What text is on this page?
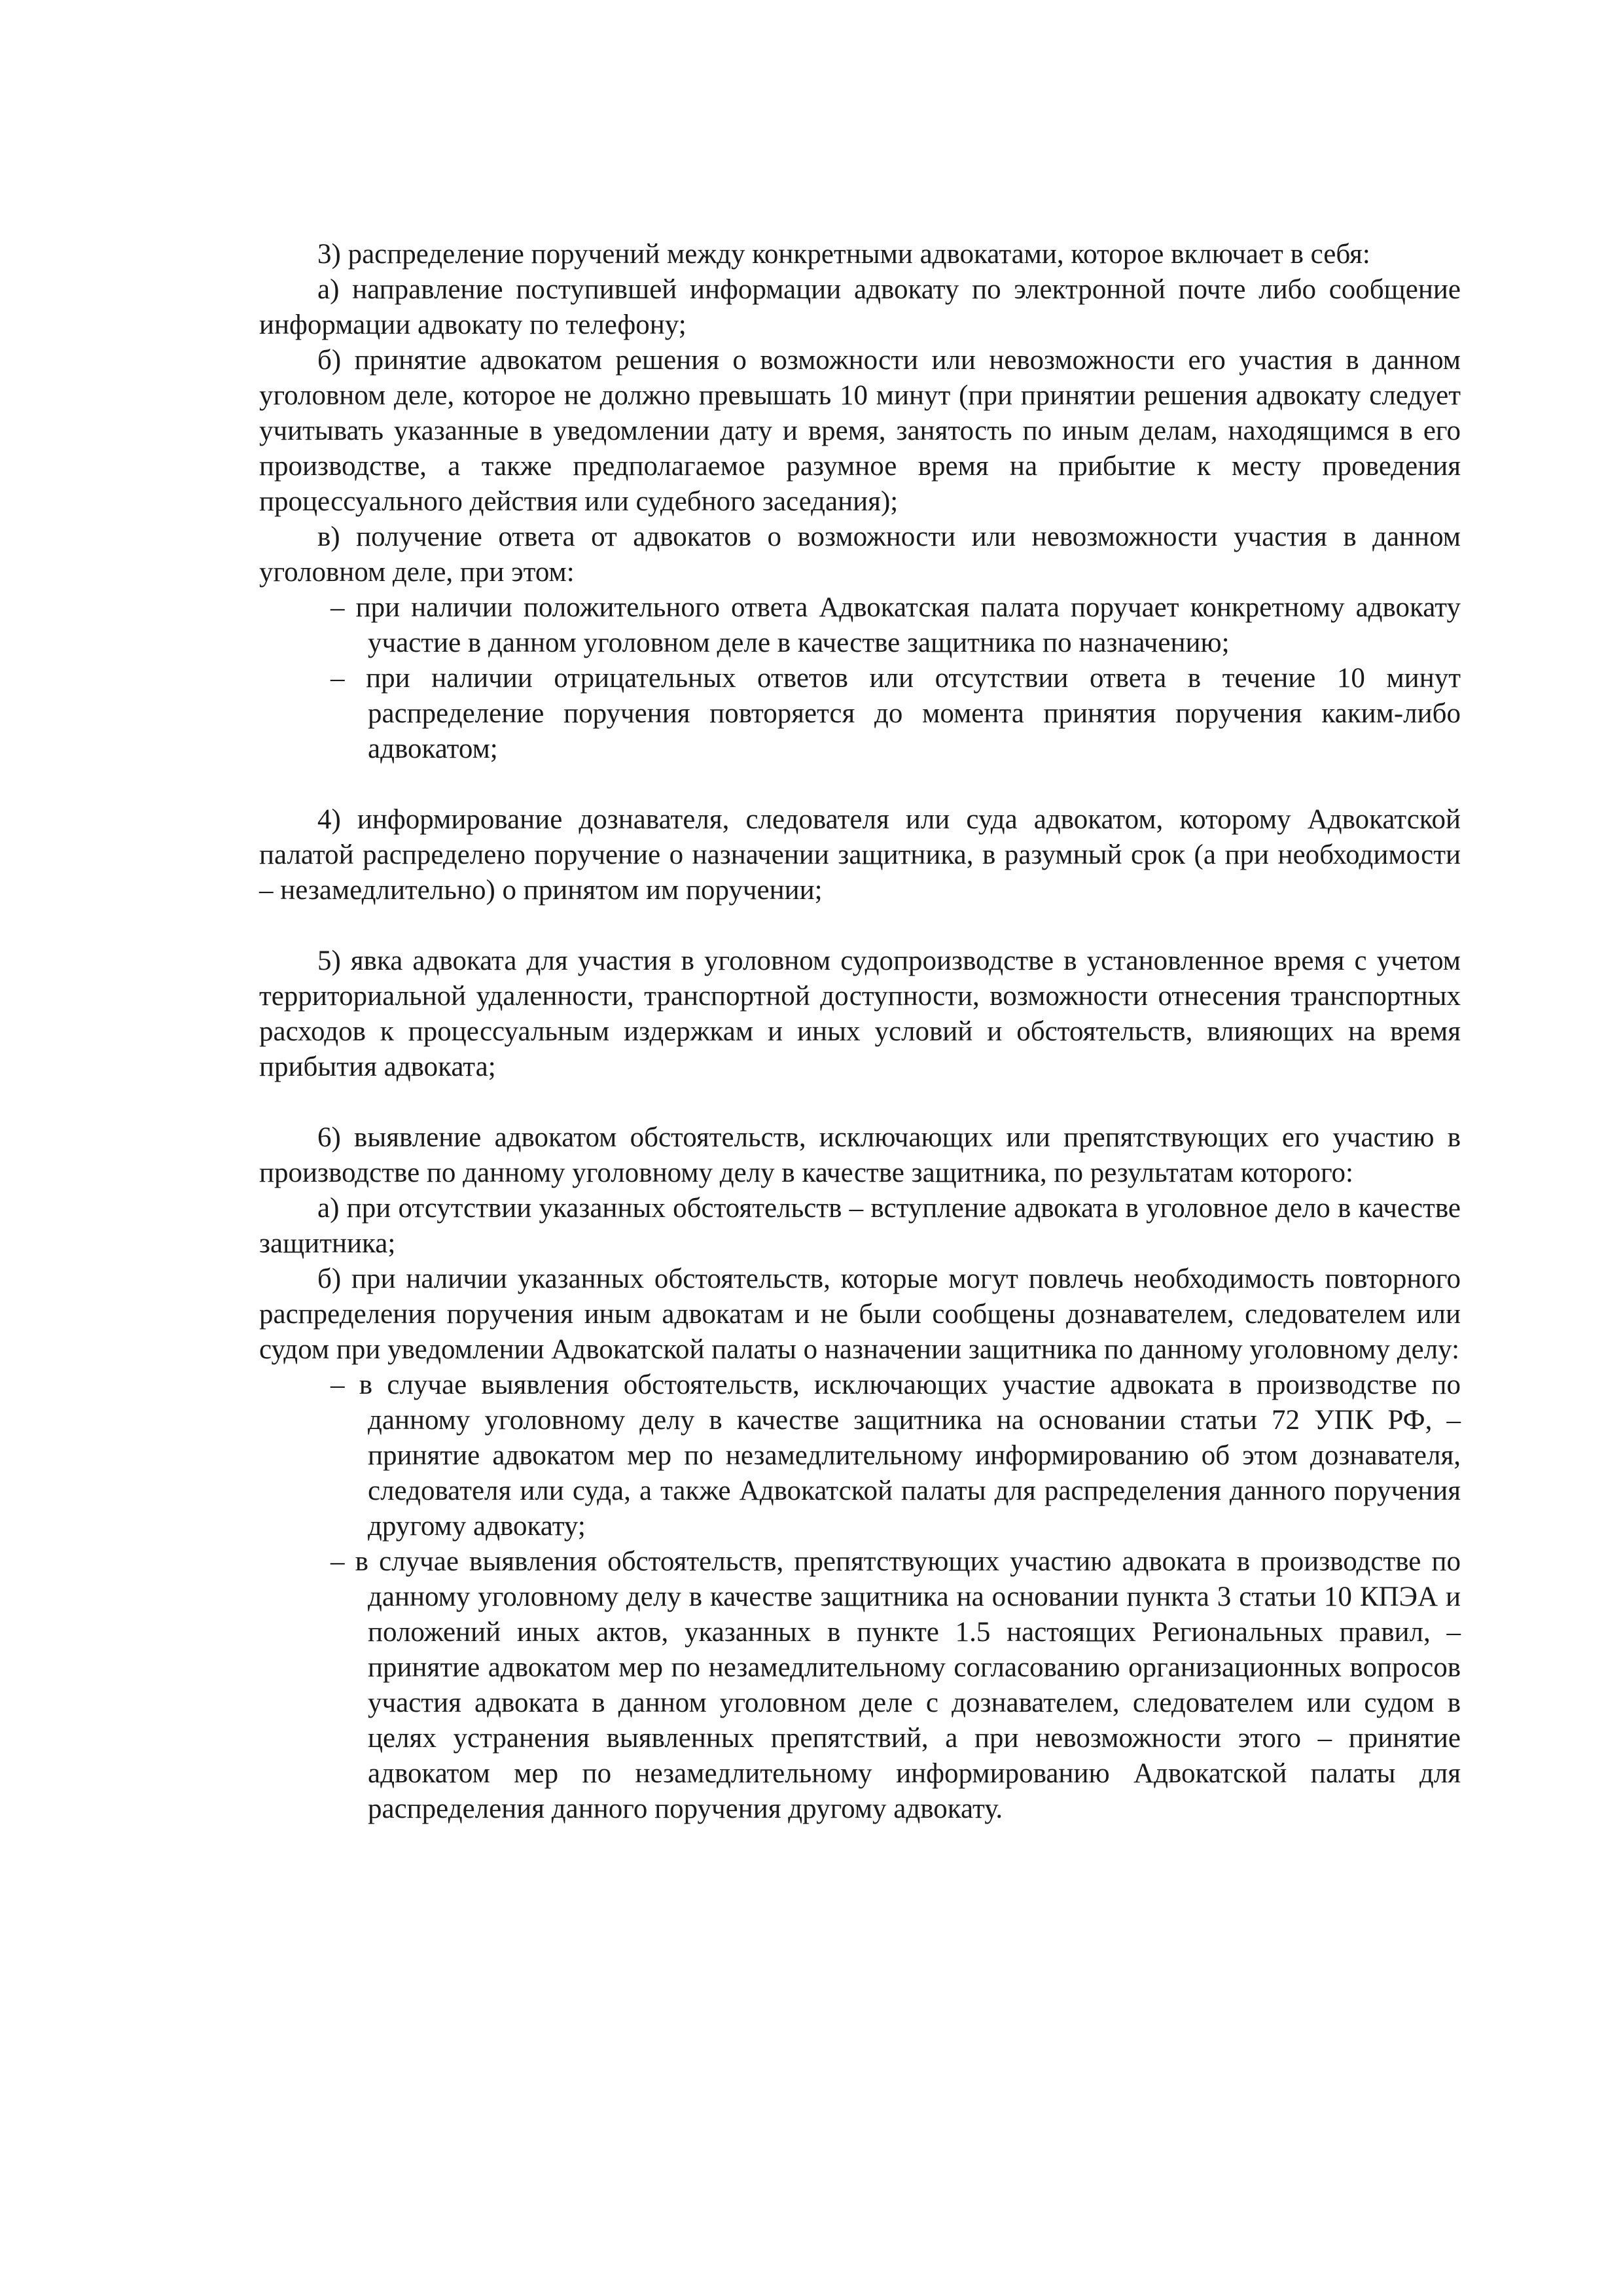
3) распределение поручений между конкретными адвокатами, которое включает в себя:

а) направление поступившей информации адвокату по электронной почте либо сообщение информации адвокату по телефону;

б) принятие адвокатом решения о возможности или невозможности его участия в данном уголовном деле, которое не должно превышать 10 минут (при принятии решения адвокату следует учитывать указанные в уведомлении дату и время, занятость по иным делам, находящимся в его производстве, а также предполагаемое разумное время на прибытие к месту проведения процессуального действия или судебного заседания);

в) получение ответа от адвокатов о возможности или невозможности участия в данном уголовном деле, при этом:

– при наличии положительного ответа Адвокатская палата поручает конкретному адвокату участие в данном уголовном деле в качестве защитника по назначению;

– при наличии отрицательных ответов или отсутствии ответа в течение 10 минут распределение поручения повторяется до момента принятия поручения каким-либо адвокатом;

4) информирование дознавателя, следователя или суда адвокатом, которому Адвокатской палатой распределено поручение о назначении защитника, в разумный срок (а при необходимости – незамедлительно) о принятом им поручении;

5) явка адвоката для участия в уголовном судопроизводстве в установленное время с учетом территориальной удаленности, транспортной доступности, возможности отнесения транспортных расходов к процессуальным издержкам и иных условий и обстоятельств, влияющих на время прибытия адвоката;

6) выявление адвокатом обстоятельств, исключающих или препятствующих его участию в производстве по данному уголовному делу в качестве защитника, по результатам которого:

а) при отсутствии указанных обстоятельств – вступление адвоката в уголовное дело в качестве защитника;

б) при наличии указанных обстоятельств, которые могут повлечь необходимость повторного распределения поручения иным адвокатам и не были сообщены дознавателем, следователем или судом при уведомлении Адвокатской палаты о назначении защитника по данному уголовному делу:

– в случае выявления обстоятельств, исключающих участие адвоката в производстве по данному уголовному делу в качестве защитника на основании статьи 72 УПК РФ, – принятие адвокатом мер по незамедлительному информированию об этом дознавателя, следователя или суда, а также Адвокатской палаты для распределения данного поручения другому адвокату;

– в случае выявления обстоятельств, препятствующих участию адвоката в производстве по данному уголовному делу в качестве защитника на основании пункта 3 статьи 10 КПЭА и положений иных актов, указанных в пункте 1.5 настоящих Региональных правил, – принятие адвокатом мер по незамедлительному согласованию организационных вопросов участия адвоката в данном уголовном деле с дознавателем, следователем или судом в целях устранения выявленных препятствий, а при невозможности этого – принятие адвокатом мер по незамедлительному информированию Адвокатской палаты для распределения данного поручения другому адвокату.
